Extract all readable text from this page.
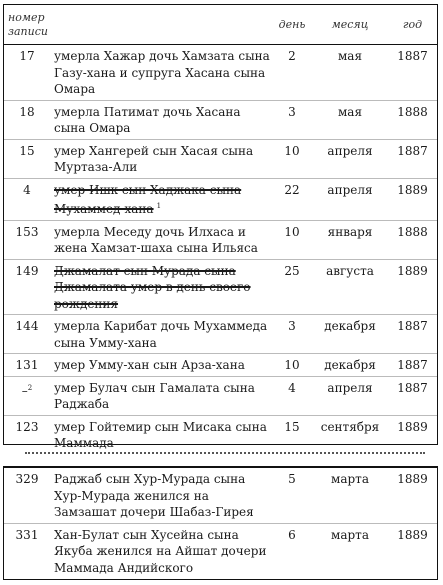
номер
записи		день	месяц	год
17	умерла Хажар дочь Хамзата сына Газу-хана и супруга Хасана сына Омара	2	мая	1887
18	умерла Патимат дочь Хасана сына Омара	3	мая	1888
15	умер Хангерей сын Хасая сына Муртаза-Али	10	апреля	1887
4	умер Ишк сын Хаджака сына Мухаммед-хана $^1$	22	апреля	1889
153	умерла Меседу дочь Илхаса и жена Хамзат-шаха сына Ильяса	10	января	1888
149	Джамалат сын Мурада сына Джамалата умер в день своего рождения	25	августа	1889
144	умерла Карибат дочь Мухаммеда сына Умму-хана	3	декабря	1887
131	умер Умму-хан сын Арза-хана	10	декабря	1887
–$^2$	умер Булач сын Гамалата сына Раджаба	4	апреля	1887
123	умер Гойтемир сын Мисака сына Маммада	15	сентября	1889
329	Раджаб сын Хур-Мурада сына Хур-Мурада женился на Замзашат дочери Шабаз-Гирея	5	марта	1889
331	Хан-Булат сын Хусейна сына Якуба женился на Айшат дочери Маммада Андийского	6	марта	1889
